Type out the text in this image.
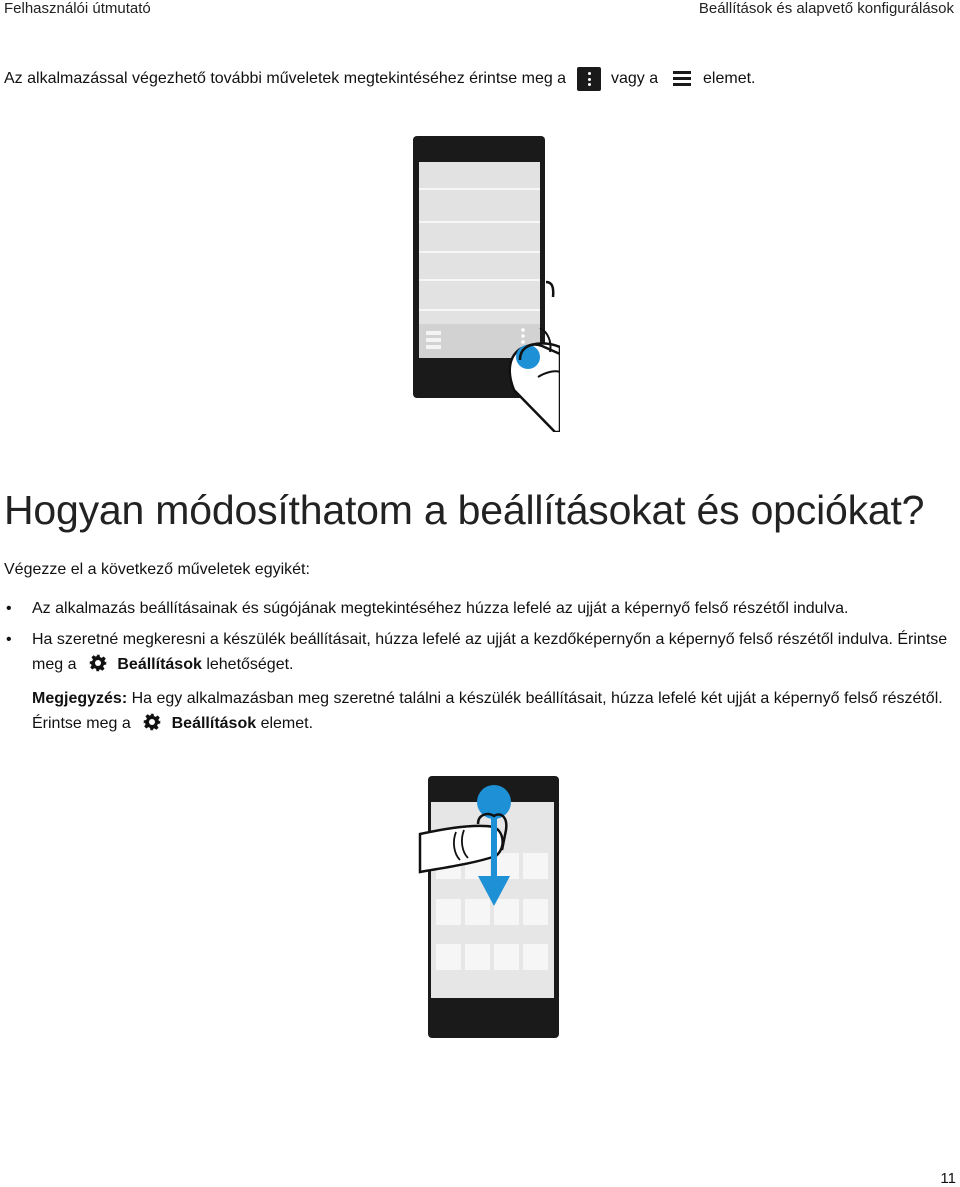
Felhasználói útmutató	Beállítások és alapvető konfigurálások
Az alkalmazással végezhető további műveletek megtekintéséhez érintse meg a	vagy a	elemet.
Hogyan módosíthatom a beállításokat és opciókat?
Végezze el a következő műveletek egyikét:
• Az alkalmazás beállításainak és súgójának megtekintéséhez húzza lefelé az ujját a képernyő felső részétől indulva.
• Ha szeretné megkeresni a készülék beállításait, húzza lefelé az ujját a kezdőképernyőn a képernyő felső részétől indulva. Érintse meg a	Beállítások lehetőséget.
Megjegyzés: Ha egy alkalmazásban meg szeretné találni a készülék beállításait, húzza lefelé két ujját a képernyő felső részétől. Érintse meg a	Beállítások elemet.
11
